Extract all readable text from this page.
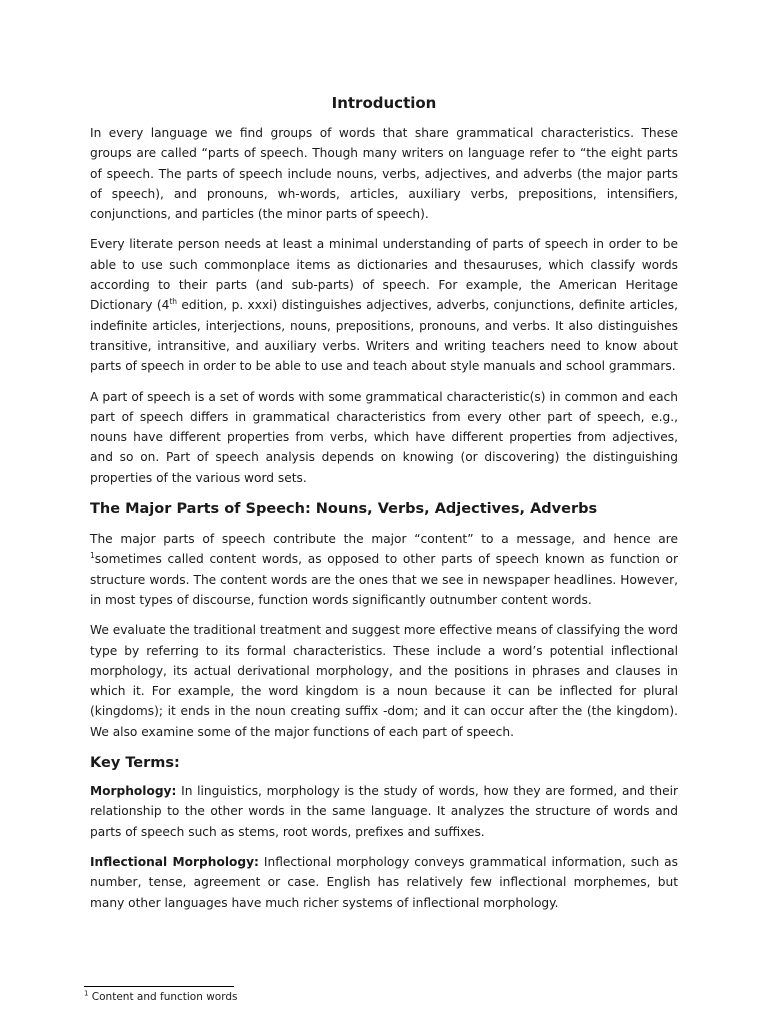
Introduction

In every language we find groups of words that share grammatical characteristics. These groups are called “parts of speech. Though many writers on language refer to “the eight parts of speech. The parts of speech include nouns, verbs, adjectives, and adverbs (the major parts of speech), and pronouns, wh-words, articles, auxiliary verbs, prepositions, intensifiers, conjunctions, and particles (the minor parts of speech).

Every literate person needs at least a minimal understanding of parts of speech in order to be able to use such commonplace items as dictionaries and thesauruses, which classify words according to their parts (and sub-parts) of speech. For example, the American Heritage Dictionary (4th edition, p. xxxi) distinguishes adjectives, adverbs, conjunctions, definite articles, indefinite articles, interjections, nouns, prepositions, pronouns, and verbs. It also distinguishes transitive, intransitive, and auxiliary verbs. Writers and writing teachers need to know about parts of speech in order to be able to use and teach about style manuals and school grammars.

A part of speech is a set of words with some grammatical characteristic(s) in common and each part of speech differs in grammatical characteristics from every other part of speech, e.g., nouns have different properties from verbs, which have different properties from adjectives, and so on. Part of speech analysis depends on knowing (or discovering) the distinguishing properties of the various word sets.

The Major Parts of Speech: Nouns, Verbs, Adjectives, Adverbs

The major parts of speech contribute the major “content” to a message, and hence are $^1$sometimes called content words, as opposed to other parts of speech known as function or structure words. The content words are the ones that we see in newspaper headlines. However, in most types of discourse, function words significantly outnumber content words.

We evaluate the traditional treatment and suggest more effective means of classifying the word type by referring to its formal characteristics. These include a word’s potential inflectional morphology, its actual derivational morphology, and the positions in phrases and clauses in which it. For example, the word kingdom is a noun because it can be inflected for plural (kingdoms); it ends in the noun creating suffix -dom; and it can occur after the (the kingdom). We also examine some of the major functions of each part of speech.

Key Terms:

Morphology: In linguistics, morphology is the study of words, how they are formed, and their relationship to the other words in the same language. It analyzes the structure of words and parts of speech such as stems, root words, prefixes and suffixes.

Inflectional Morphology: Inflectional morphology conveys grammatical information, such as number, tense, agreement or case. English has relatively few inflectional morphemes, but many other languages have much richer systems of inflectional morphology.

$^1$ Content and function words
